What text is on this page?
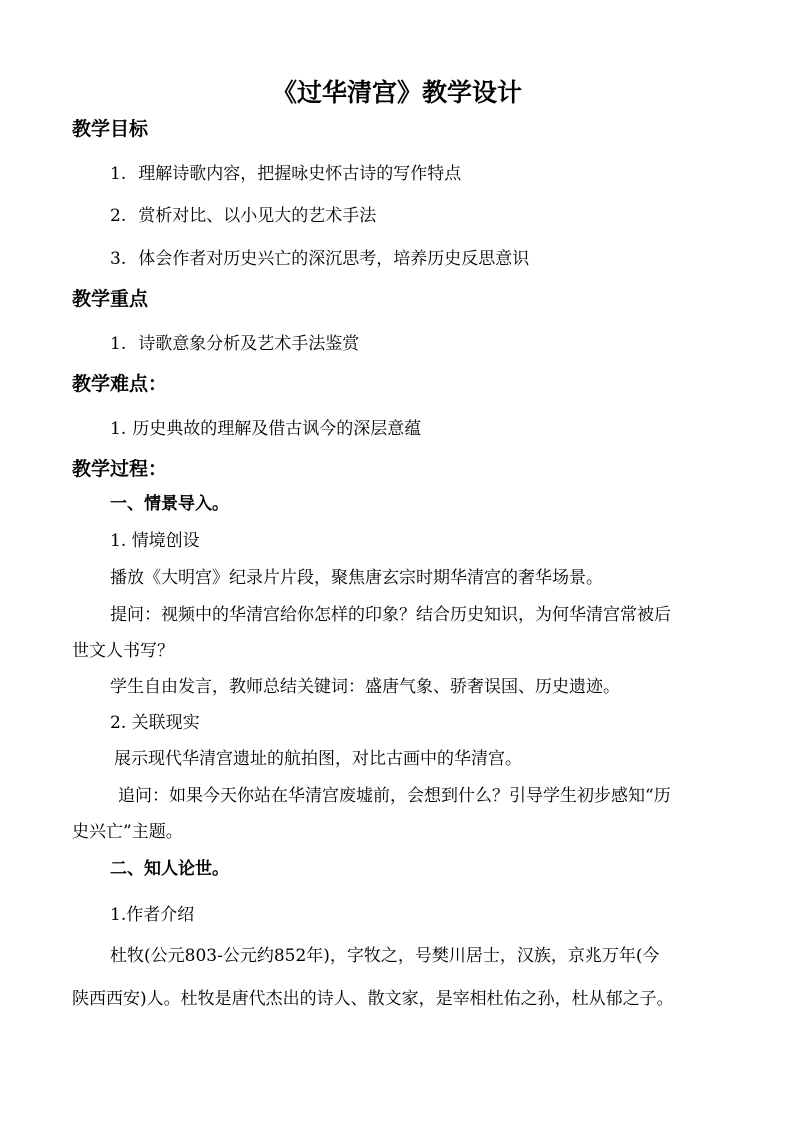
《过华清宫》教学设计
教学目标
1. 理解诗歌内容，把握咏史怀古诗的写作特点
2. 赏析对比、以小见大的艺术手法
3. 体会作者对历史兴亡的深沉思考，培养历史反思意识
教学重点
1. 诗歌意象分析及艺术手法鉴赏
教学难点：
1. 历史典故的理解及借古讽今的深层意蕴
教学过程：
一、情景导入。
1. 情境创设
播放《大明宫》纪录片片段，聚焦唐玄宗时期华清宫的奢华场景。
提问：视频中的华清宫给你怎样的印象？结合历史知识，为何华清宫常被后
世文人书写？
学生自由发言，教师总结关键词：盛唐气象、骄奢误国、历史遗迹。
2. 关联现实
展示现代华清宫遗址的航拍图，对比古画中的华清宫。
追问：如果今天你站在华清宫废墟前，会想到什么？引导学生初步感知“历
史兴亡”主题。
二、知人论世。
1.作者介绍
杜牧(公元803-公元约852年)，字牧之，号樊川居士，汉族，京兆万年(今
陕西西安)人。杜牧是唐代杰出的诗人、散文家，是宰相杜佑之孙，杜从郁之子。
